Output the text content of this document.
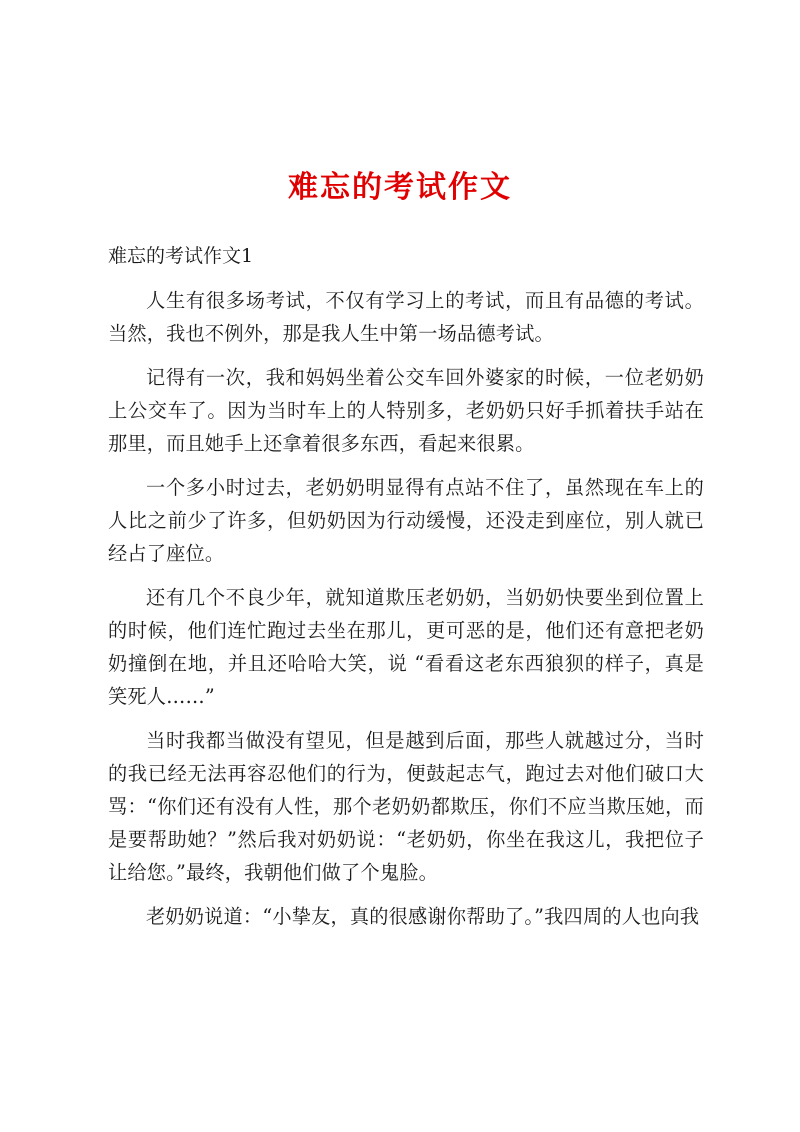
难忘的考试作文

难忘的考试作文1

人生有很多场考试，不仅有学习上的考试，而且有品德的考试。当然，我也不例外，那是我人生中第一场品德考试。

记得有一次，我和妈妈坐着公交车回外婆家的时候，一位老奶奶上公交车了。因为当时车上的人特别多，老奶奶只好手抓着扶手站在那里，而且她手上还拿着很多东西，看起来很累。

一个多小时过去，老奶奶明显得有点站不住了，虽然现在车上的人比之前少了许多，但奶奶因为行动缓慢，还没走到座位，别人就已经占了座位。

还有几个不良少年，就知道欺压老奶奶，当奶奶快要坐到位置上的时候，他们连忙跑过去坐在那儿，更可恶的是，他们还有意把老奶奶撞倒在地，并且还哈哈大笑，说 “看看这老东西狼狈的样子，真是笑死人……”

当时我都当做没有望见，但是越到后面，那些人就越过分，当时的我已经无法再容忍他们的行为，便鼓起志气，跑过去对他们破口大骂：“你们还有没有人性，那个老奶奶都欺压，你们不应当欺压她，而是要帮助她？”然后我对奶奶说：“老奶奶，你坐在我这儿，我把位子让给您。”最终，我朝他们做了个鬼脸。

老奶奶说道：“小挚友，真的很感谢你帮助了。”我四周的人也向我
